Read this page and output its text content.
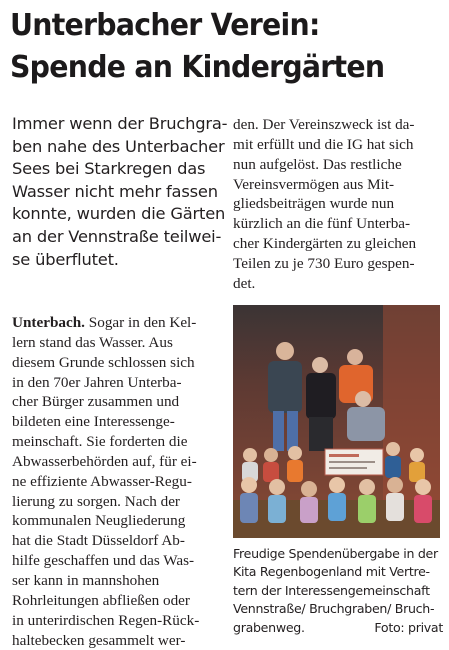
Unterbacher Verein:
Spende an Kindergärten
Immer wenn der Bruchgra-
ben nahe des Unterbacher
Sees bei Starkregen das
Wasser nicht mehr fassen
konnte, wurden die Gärten
an der Vennstraße teilwei-
se überflutet.
Unterbach. Sogar in den Kel-
lern stand das Wasser. Aus
diesem Grunde schlossen sich
in den 70er Jahren Unterba-
cher Bürger zusammen und
bildeten eine Interessenge-
meinschaft. Sie forderten die
Abwasserbehörden auf, für ei-
ne effiziente Abwasser-Regu-
lierung zu sorgen. Nach der
kommunalen Neugliederung
hat die Stadt Düsseldorf Ab-
hilfe geschaffen und das Was-
ser kann in mannshohen
Rohrleitungen abfließen oder
in unterirdischen Regen-Rück-
haltebecken gesammelt wer-
den. Der Vereinszweck ist da-
mit erfüllt und die IG hat sich
nun aufgelöst. Das restliche
Vereinsvermögen aus Mit-
gliedsbeiträgen wurde nun
kürzlich an die fünf Unterba-
cher Kindergärten zu gleichen
Teilen zu je 730 Euro gespen-
det.
Freudige Spendenübergabe in der
Kita Regenbogenland mit Vertre-
tern der Interessengemeinschaft
Vennstraße/ Bruchgraben/ Bruch-
grabenweg.	Foto: privat
